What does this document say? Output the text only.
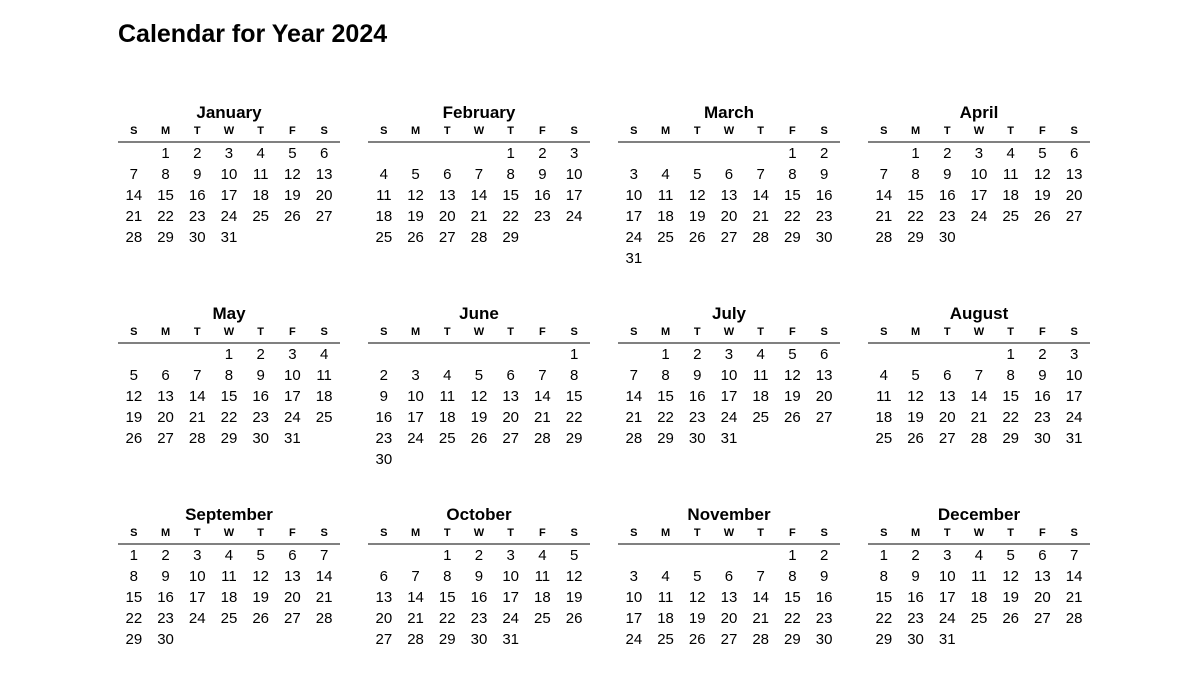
Calendar for Year 2024
January
S	M	T	W	T	F	S
	1	2	3	4	5	6
7	8	9	10	11	12	13
14	15	16	17	18	19	20
21	22	23	24	25	26	27
28	29	30	31			
February
S	M	T	W	T	F	S
				1	2	3
4	5	6	7	8	9	10
11	12	13	14	15	16	17
18	19	20	21	22	23	24
25	26	27	28	29		
March
S	M	T	W	T	F	S
					1	2
3	4	5	6	7	8	9
10	11	12	13	14	15	16
17	18	19	20	21	22	23
24	25	26	27	28	29	30
31						
April
S	M	T	W	T	F	S
	1	2	3	4	5	6
7	8	9	10	11	12	13
14	15	16	17	18	19	20
21	22	23	24	25	26	27
28	29	30				
May
S	M	T	W	T	F	S
			1	2	3	4
5	6	7	8	9	10	11
12	13	14	15	16	17	18
19	20	21	22	23	24	25
26	27	28	29	30	31	
June
S	M	T	W	T	F	S
						1
2	3	4	5	6	7	8
9	10	11	12	13	14	15
16	17	18	19	20	21	22
23	24	25	26	27	28	29
30						
July
S	M	T	W	T	F	S
	1	2	3	4	5	6
7	8	9	10	11	12	13
14	15	16	17	18	19	20
21	22	23	24	25	26	27
28	29	30	31			
August
S	M	T	W	T	F	S
				1	2	3
4	5	6	7	8	9	10
11	12	13	14	15	16	17
18	19	20	21	22	23	24
25	26	27	28	29	30	31
September
S	M	T	W	T	F	S
1	2	3	4	5	6	7
8	9	10	11	12	13	14
15	16	17	18	19	20	21
22	23	24	25	26	27	28
29	30					
October
S	M	T	W	T	F	S
		1	2	3	4	5
6	7	8	9	10	11	12
13	14	15	16	17	18	19
20	21	22	23	24	25	26
27	28	29	30	31		
November
S	M	T	W	T	F	S
					1	2
3	4	5	6	7	8	9
10	11	12	13	14	15	16
17	18	19	20	21	22	23
24	25	26	27	28	29	30
December
S	M	T	W	T	F	S
1	2	3	4	5	6	7
8	9	10	11	12	13	14
15	16	17	18	19	20	21
22	23	24	25	26	27	28
29	30	31				
